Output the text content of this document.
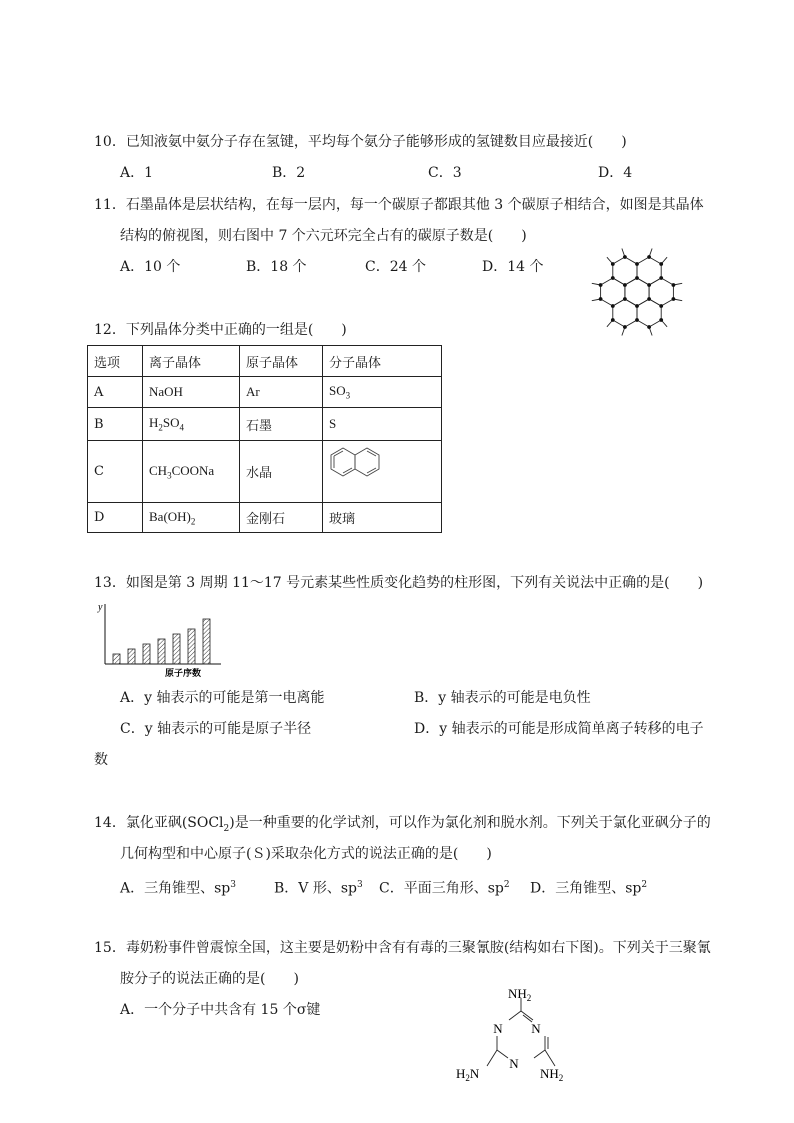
10．已知液氨中氨分子存在氢键，平均每个氨分子能够形成的氢键数目应最接近(　　)
A．1	B．2	C．3	D．4
11．石墨晶体是层状结构，在每一层内，每一个碳原子都跟其他 3 个碳原子相结合，如图是其晶体
结构的俯视图，则右图中 7 个六元环完全占有的碳原子数是(　　)
A．10 个	B．18 个	C．24 个	D．14 个
12．下列晶体分类中正确的一组是(　　)
选项	离子晶体	原子晶体	分子晶体
A	NaOH	Ar	$SO_3$
B	$H_2SO_4$	石墨	S
C	$CH_3COONa$	水晶	
D	$Ba(OH)_2$	金刚石	玻璃
13．如图是第 3 周期 11～17 号元素某些性质变化趋势的柱形图，下列有关说法中正确的是(　　)
y
原子序数
A．y 轴表示的可能是第一电离能	B．y 轴表示的可能是电负性
C．y 轴表示的可能是原子半径	D．y 轴表示的可能是形成简单离子转移的电子
数
14．氯化亚砜(SOCl$_2$)是一种重要的化学试剂，可以作为氯化剂和脱水剂。下列关于氯化亚砜分子的
几何构型和中心原子(Ｓ)采取杂化方式的说法正确的是(　　)
A．三角锥型、$sp^3$	B．V 形、$sp^3$ C．平面三角形、$sp^2$ D．三角锥型、$sp^2$
15．毒奶粉事件曾震惊全国，这主要是奶粉中含有有毒的三聚氰胺(结构如右下图)。下列关于三聚氰
胺分子的说法正确的是(　　)
A．一个分子中共含有 15 个σ键
$NH_2$
N
N
N
$H_2N$	$NH_2$
